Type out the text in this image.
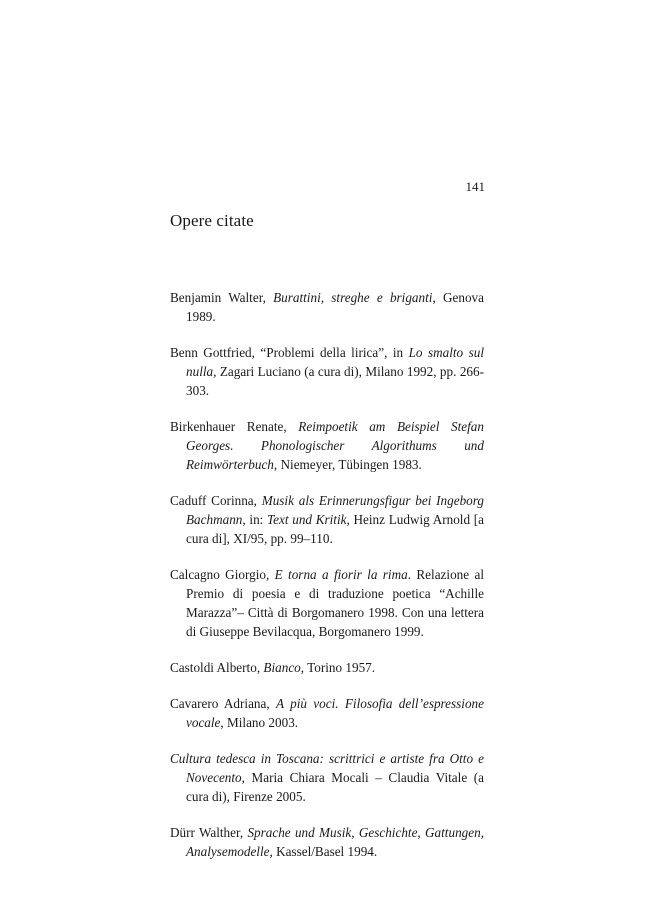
141
Opere citate
Benjamin Walter, Burattini, streghe e briganti, Genova 1989.
Benn Gottfried, “Problemi della lirica”, in Lo smalto sul nulla, Zagari Luciano (a cura di), Milano 1992, pp. 266-303.
Birkenhauer Renate, Reimpoetik am Beispiel Stefan Georges. Phonologischer Algorithums und Reimwörterbuch, Niemeyer, Tübingen 1983.
Caduff Corinna, Musik als Erinnerungsfigur bei Ingeborg Bachmann, in: Text und Kritik, Heinz Ludwig Arnold [a cura di], XI/95, pp. 99–110.
Calcagno Giorgio, E torna a fiorir la rima. Relazione al Premio di poesia e di traduzione poetica “Achille Marazza”– Città di Borgomanero 1998. Con una lettera di Giuseppe Bevilacqua, Borgomanero 1999.
Castoldi Alberto, Bianco, Torino 1957.
Cavarero Adriana, A più voci. Filosofia dell’espressione vocale, Milano 2003.
Cultura tedesca in Toscana: scrittrici e artiste fra Otto e Novecento, Maria Chiara Mocali – Claudia Vitale (a cura di), Firenze 2005.
Dürr Walther, Sprache und Musik, Geschichte, Gattungen, Analysemodelle, Kassel/Basel 1994.
